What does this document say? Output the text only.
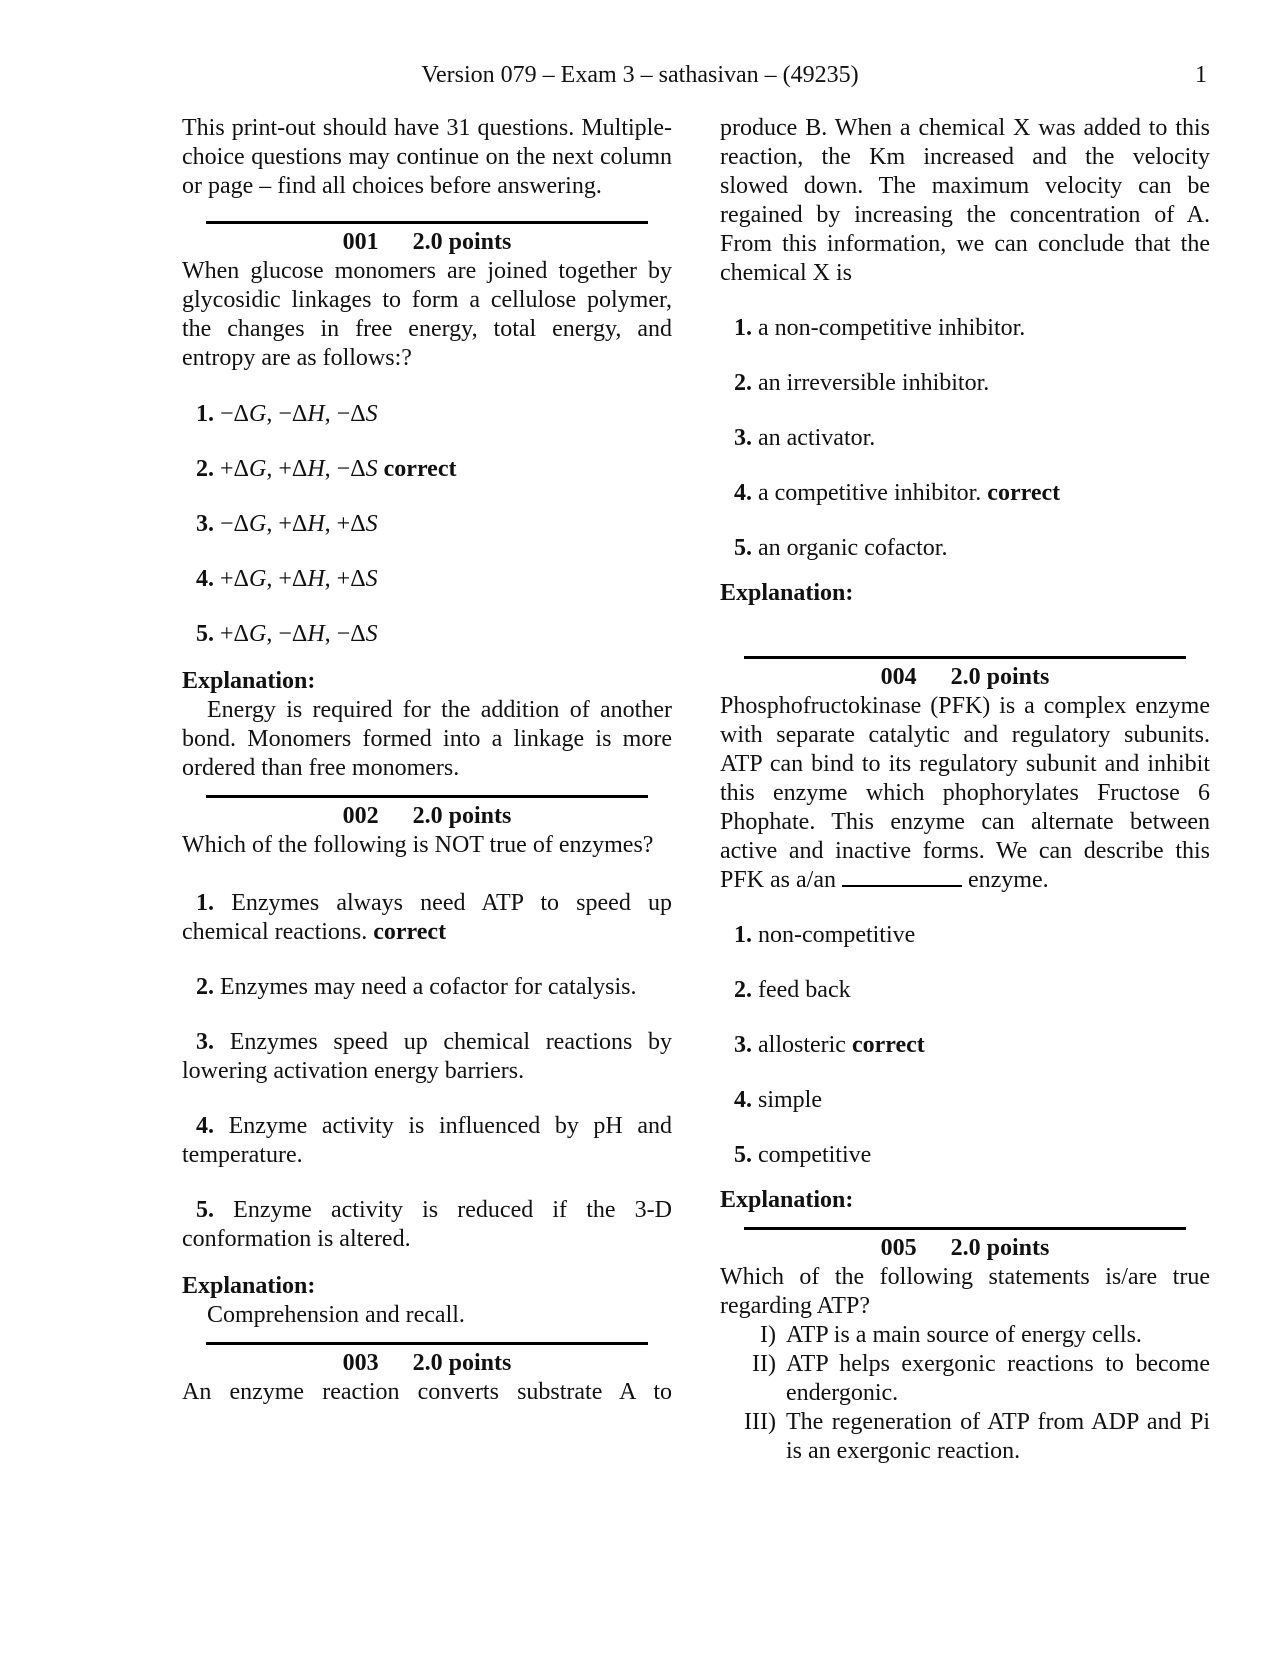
Version 079 – Exam 3 – sathasivan – (49235)	1

This print-out should have 31 questions. Multiple-choice questions may continue on the next column or page – find all choices before answering.

001 2.0 points

When glucose monomers are joined together by glycosidic linkages to form a cellulose polymer, the changes in free energy, total energy, and entropy are as follows:?

1. −ΔG, −ΔH, −ΔS
2. +ΔG, +ΔH, −ΔS correct
3. −ΔG, +ΔH, +ΔS
4. +ΔG, +ΔH, +ΔS
5. +ΔG, −ΔH, −ΔS
Explanation:

Energy is required for the addition of another bond. Monomers formed into a linkage is more ordered than free monomers.

002 2.0 points

Which of the following is NOT true of enzymes?

1. Enzymes always need ATP to speed up chemical reactions. correct
2. Enzymes may need a cofactor for catalysis.
3. Enzymes speed up chemical reactions by lowering activation energy barriers.
4. Enzyme activity is influenced by pH and temperature.
5. Enzyme activity is reduced if the 3-D conformation is altered.
Explanation:

Comprehension and recall.

003 2.0 points

An enzyme reaction converts substrate A to

produce B. When a chemical X was added to this reaction, the Km increased and the velocity slowed down. The maximum velocity can be regained by increasing the concentration of A. From this information, we can conclude that the chemical X is

1. a non-competitive inhibitor.
2. an irreversible inhibitor.
3. an activator.
4. a competitive inhibitor. correct
5. an organic cofactor.
Explanation:
004 2.0 points

Phosphofructokinase (PFK) is a complex enzyme with separate catalytic and regulatory subunits. ATP can bind to its regulatory subunit and inhibit this enzyme which phophorylates Fructose 6 Phophate. This enzyme can alternate between active and inactive forms. We can describe this PFK as a/an	enzyme.

1. non-competitive
2. feed back
3. allosteric correct
4. simple
5. competitive
Explanation:
005 2.0 points

Which of the following statements is/are true regarding ATP?

I) ATP is a main source of energy cells.
II) ATP helps exergonic reactions to become endergonic.
III) The regeneration of ATP from ADP and Pi is an exergonic reaction.
